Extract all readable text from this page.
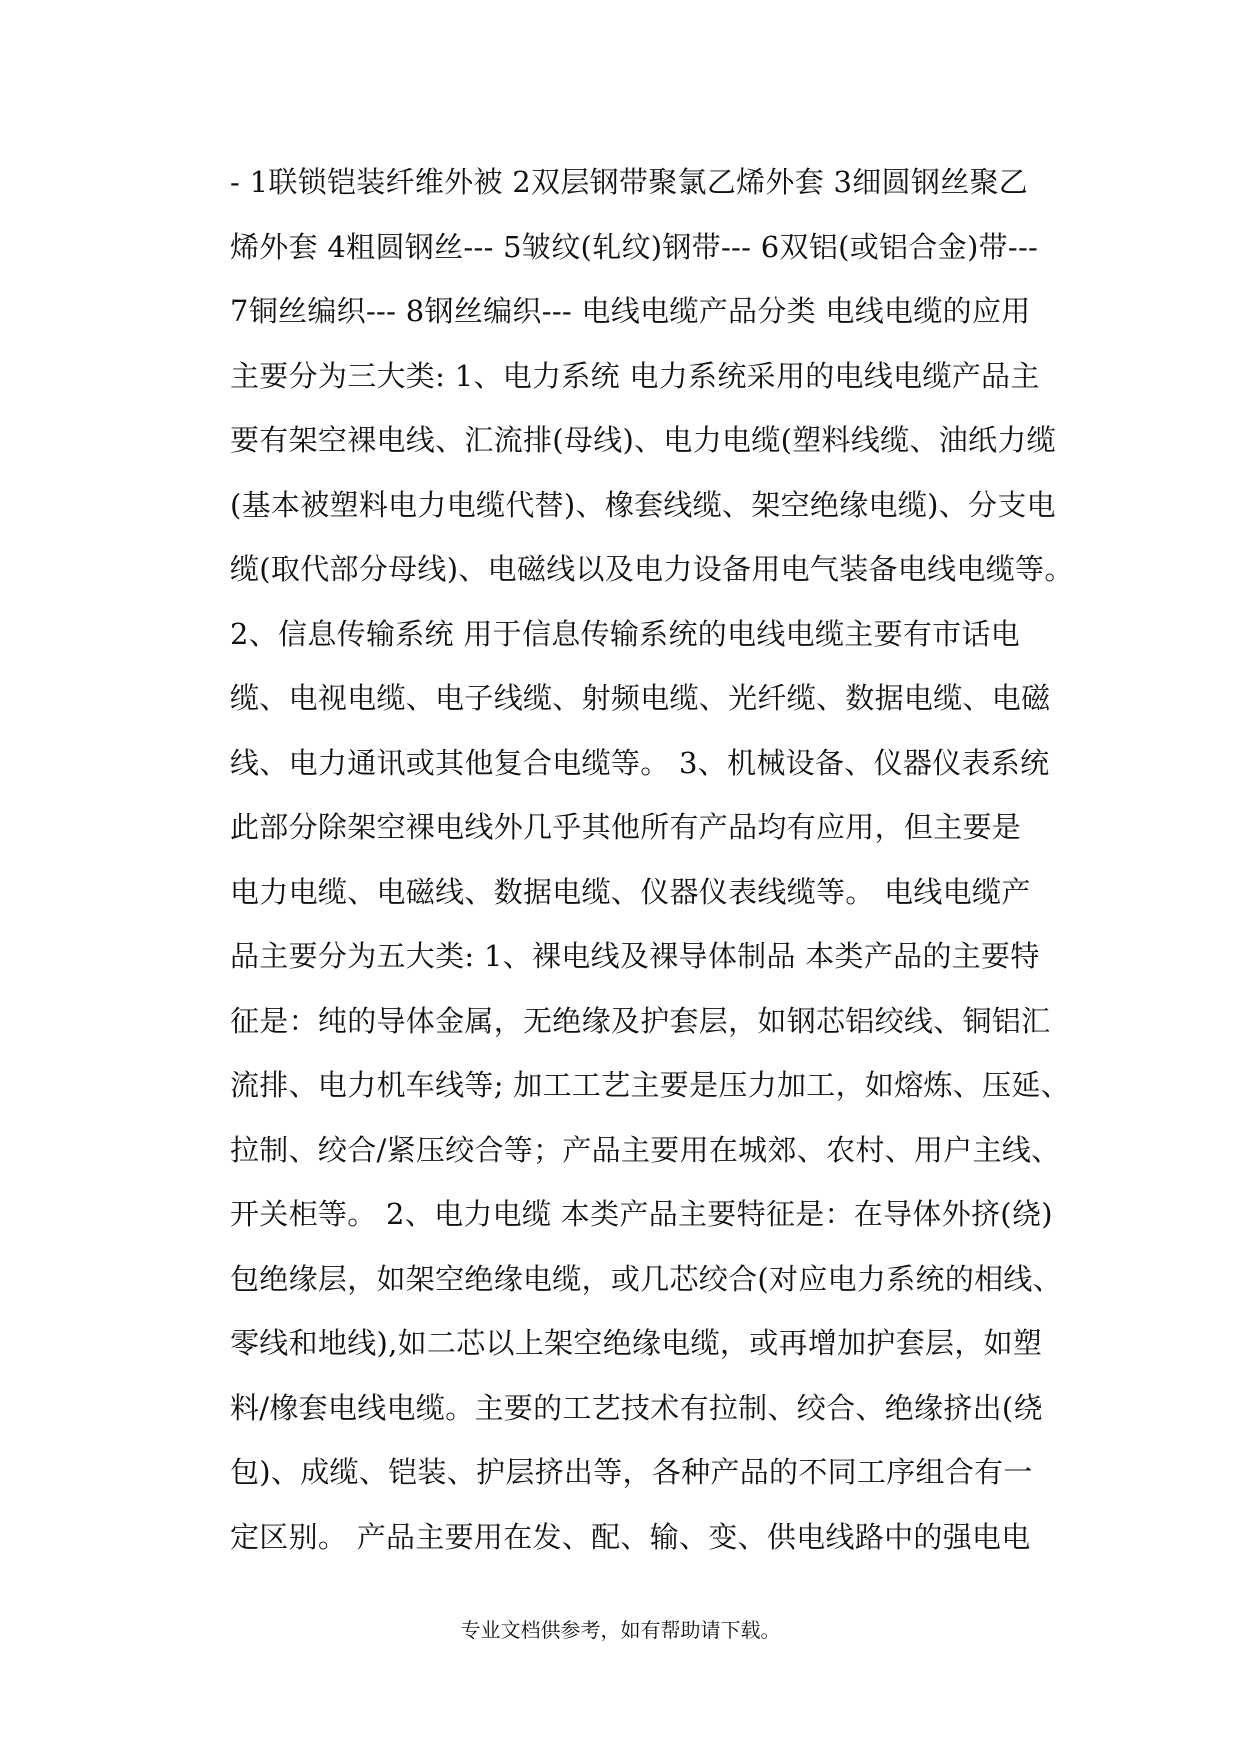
- 1联锁铠装纤维外被 2双层钢带聚氯乙烯外套 3细圆钢丝聚乙
烯外套 4粗圆钢丝--- 5皱纹(轧纹)钢带--- 6双铝(或铝合金)带---
7铜丝编织--- 8钢丝编织--- 电线电缆产品分类 电线电缆的应用
主要分为三大类: 1、电力系统 电力系统采用的电线电缆产品主
要有架空裸电线、汇流排(母线)、电力电缆(塑料线缆、油纸力缆
(基本被塑料电力电缆代替)、橡套线缆、架空绝缘电缆)、分支电
缆(取代部分母线)、电磁线以及电力设备用电气装备电线电缆等。
2、信息传输系统 用于信息传输系统的电线电缆主要有市话电
缆、电视电缆、电子线缆、射频电缆、光纤缆、数据电缆、电磁
线、电力通讯或其他复合电缆等。 3、机械设备、仪器仪表系统
此部分除架空裸电线外几乎其他所有产品均有应用，但主要是
电力电缆、电磁线、数据电缆、仪器仪表线缆等。 电线电缆产
品主要分为五大类: 1、裸电线及裸导体制品 本类产品的主要特
征是：纯的导体金属，无绝缘及护套层，如钢芯铝绞线、铜铝汇
流排、电力机车线等; 加工工艺主要是压力加工，如熔炼、压延、
拉制、绞合/紧压绞合等；产品主要用在城郊、农村、用户主线、
开关柜等。 2、电力电缆 本类产品主要特征是：在导体外挤(绕)
包绝缘层，如架空绝缘电缆，或几芯绞合(对应电力系统的相线、
零线和地线),如二芯以上架空绝缘电缆，或再增加护套层，如塑
料/橡套电线电缆。主要的工艺技术有拉制、绞合、绝缘挤出(绕
包)、成缆、铠装、护层挤出等，各种产品的不同工序组合有一
定区别。 产品主要用在发、配、输、变、供电线路中的强电电
专业文档供参考，如有帮助请下载。
